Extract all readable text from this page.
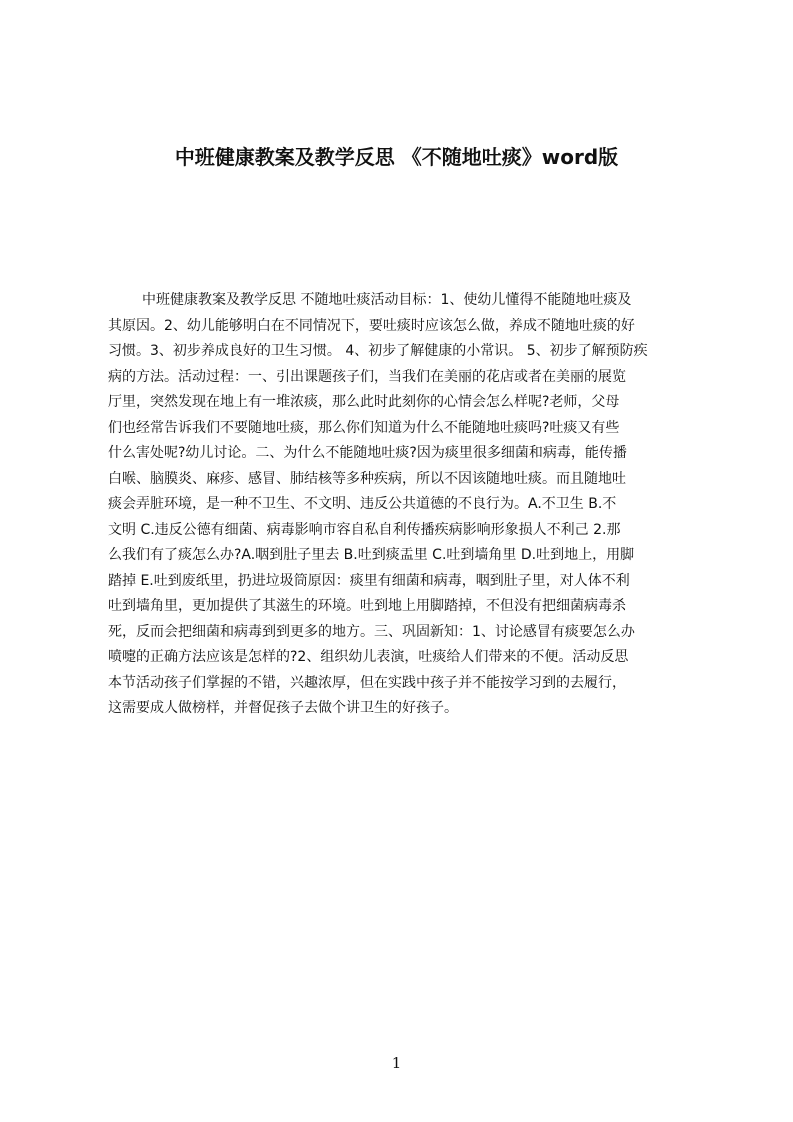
中班健康教案及教学反思 《不随地吐痰》word版
中班健康教案及教学反思 不随地吐痰活动目标：1、使幼儿懂得不能随地吐痰及
其原因。2、幼儿能够明白在不同情况下，要吐痰时应该怎么做，养成不随地吐痰的好
习惯。3、初步养成良好的卫生习惯。 4、初步了解健康的小常识。 5、初步了解预防疾
病的方法。活动过程：一、引出课题孩子们，当我们在美丽的花店或者在美丽的展览
厅里，突然发现在地上有一堆浓痰，那么此时此刻你的心情会怎么样呢?老师，父母
们也经常告诉我们不要随地吐痰，那么你们知道为什么不能随地吐痰吗?吐痰又有些
什么害处呢?幼儿讨论。二、为什么不能随地吐痰?因为痰里很多细菌和病毒，能传播
白喉、脑膜炎、麻疹、感冒、肺结核等多种疾病，所以不因该随地吐痰。而且随地吐
痰会弄脏环境，是一种不卫生、不文明、违反公共道德的不良行为。A.不卫生 B.不
文明 C.违反公德有细菌、病毒影响市容自私自利传播疾病影响形象损人不利己 2.那
么我们有了痰怎么办?A.咽到肚子里去 B.吐到痰盂里 C.吐到墙角里 D.吐到地上，用脚
踏掉 E.吐到废纸里，扔进垃圾筒原因：痰里有细菌和病毒，咽到肚子里，对人体不利
吐到墙角里，更加提供了其滋生的环境。吐到地上用脚踏掉，不但没有把细菌病毒杀
死，反而会把细菌和病毒到到更多的地方。三、巩固新知：1、讨论感冒有痰要怎么办
喷嚏的正确方法应该是怎样的?2、组织幼儿表演，吐痰给人们带来的不便。活动反思
本节活动孩子们掌握的不错，兴趣浓厚，但在实践中孩子并不能按学习到的去履行，
这需要成人做榜样，并督促孩子去做个讲卫生的好孩子。
1
